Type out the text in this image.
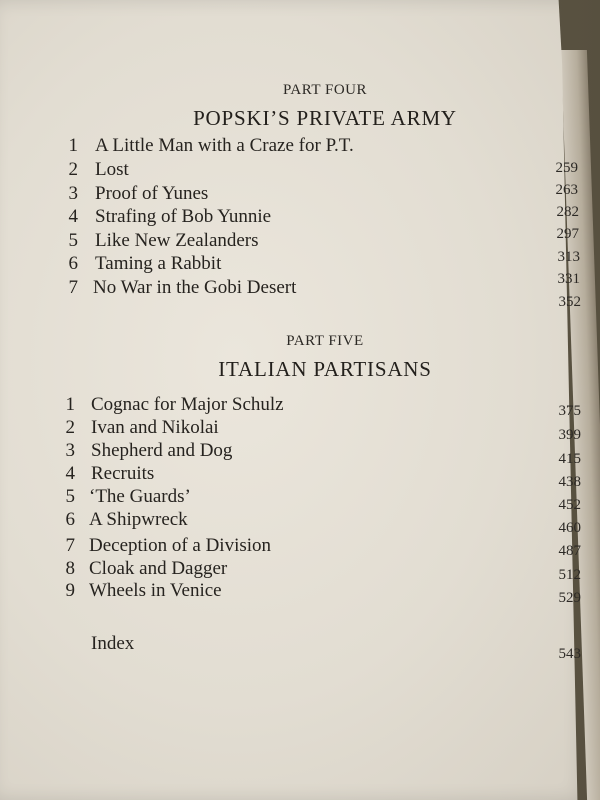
PART FOUR
POPSKI’S PRIVATE ARMY
1 A Little Man with a Craze for P.T.
2 Lost
3 Proof of Yunes
4 Strafing of Bob Yunnie
5 Like New Zealanders
6 Taming a Rabbit
7 No War in the Gobi Desert
259
263
282
297
313
331
352
PART FIVE
ITALIAN PARTISANS
1 Cognac for Major Schulz
2 Ivan and Nikolai
3 Shepherd and Dog
4 Recruits
5 ‘The Guards’
6 A Shipwreck
7 Deception of a Division
8 Cloak and Dagger
9 Wheels in Venice
375
399
415
438
452
460
487
512
529
Index	543
